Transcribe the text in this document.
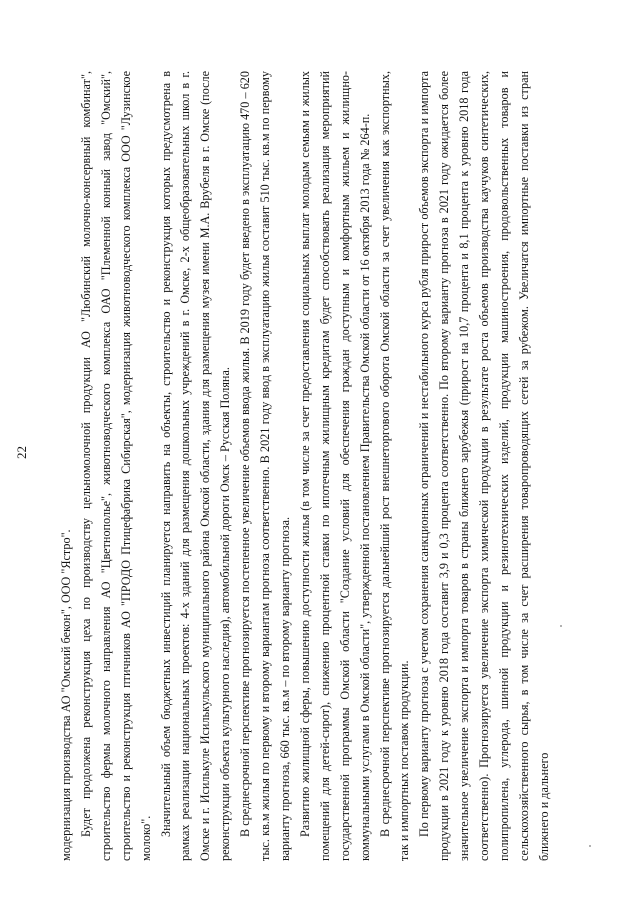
22

модернизация производства АО "Омский бекон", ООО "Ястро". Будет продолжена реконструкция цеха по производству цельномолочной продукции АО "Любинский молочно-консервный комбинат", строительство фермы молочного направления АО "Цветнополье", животноводческого комплекса ОАО "Племенной конный завод "Омский", строительство и реконструкция птичников АО "ПРОДО Птицефабрика Сибирская", модернизация животноводческого комплекса ООО "Лузинское молоко".

Значительный объем бюджетных инвестиций планируется направить на объекты, строительство и реконструкция которых предусмотрена в рамках реализации национальных проектов: 4-х зданий для размещения дошкольных учреждений в г. Омске, 2-х общеобразовательных школ в г. Омске и г. Исилькуле Исилькульского муниципального района Омской области, здания для размещения музея имени М.А. Врубеля в г. Омске (после реконструкции объекта культурного наследия), автомобильной дороги Омск – Русская Поляна. В среднесрочной перспективе прогнозируется постепенное увеличение объемов ввода жилья. В 2019 году будет введено в эксплуатацию 470 – 620 тыс. кв.м жилья по первому и второму вариантам прогноза соответственно. В 2021 году ввод в эксплуатацию жилья составит 510 тыс. кв.м по первому варианту прогноза, 660 тыс. кв.м – по второму варианту прогноза. Развитию жилищной сферы, повышению доступности жилья (в том числе за счет предоставления социальных выплат молодым семьям и жилых помещений для детей-сирот), снижению процентной ставки по ипотечным жилищным кредитам будет способствовать реализация мероприятий государственной программы Омской области "Создание условий для обеспечения граждан доступным и комфортным жильем и жилищно-коммунальными услугами в Омской области", утвержденной постановлением Правительства Омской области от 16 октября 2013 года № 264-п. В среднесрочной перспективе прогнозируется дальнейший рост внешнеторгового оборота Омской области за счет увеличения как экспортных, так и импортных поставок продукции. По первому варианту прогноза с учетом сохранения санкционных ограничений и нестабильного курса рубля прирост объемов экспорта и импорта продукции в 2021 году к уровню 2018 года составит 3,9 и 0,3 процента соответственно. По второму варианту прогноза в 2021 году ожидается более значительное увеличение экспорта и импорта товаров в страны ближнего зарубежья (прирост на 10,7 процента и 8,1 процента к уровню 2018 года соответственно). Прогнозируется увеличение экспорта химической продукции в результате роста объемов производства каучуков синтетических, полипропилена, углерода, шинной продукции и резинотехнических изделий, продукции машиностроения, продовольственных товаров и сельскохозяйственного сырья, в том числе за счет расширения товаропроводящих сетей за рубежом. Увеличатся импортные поставки из стран ближнего и дальнего
